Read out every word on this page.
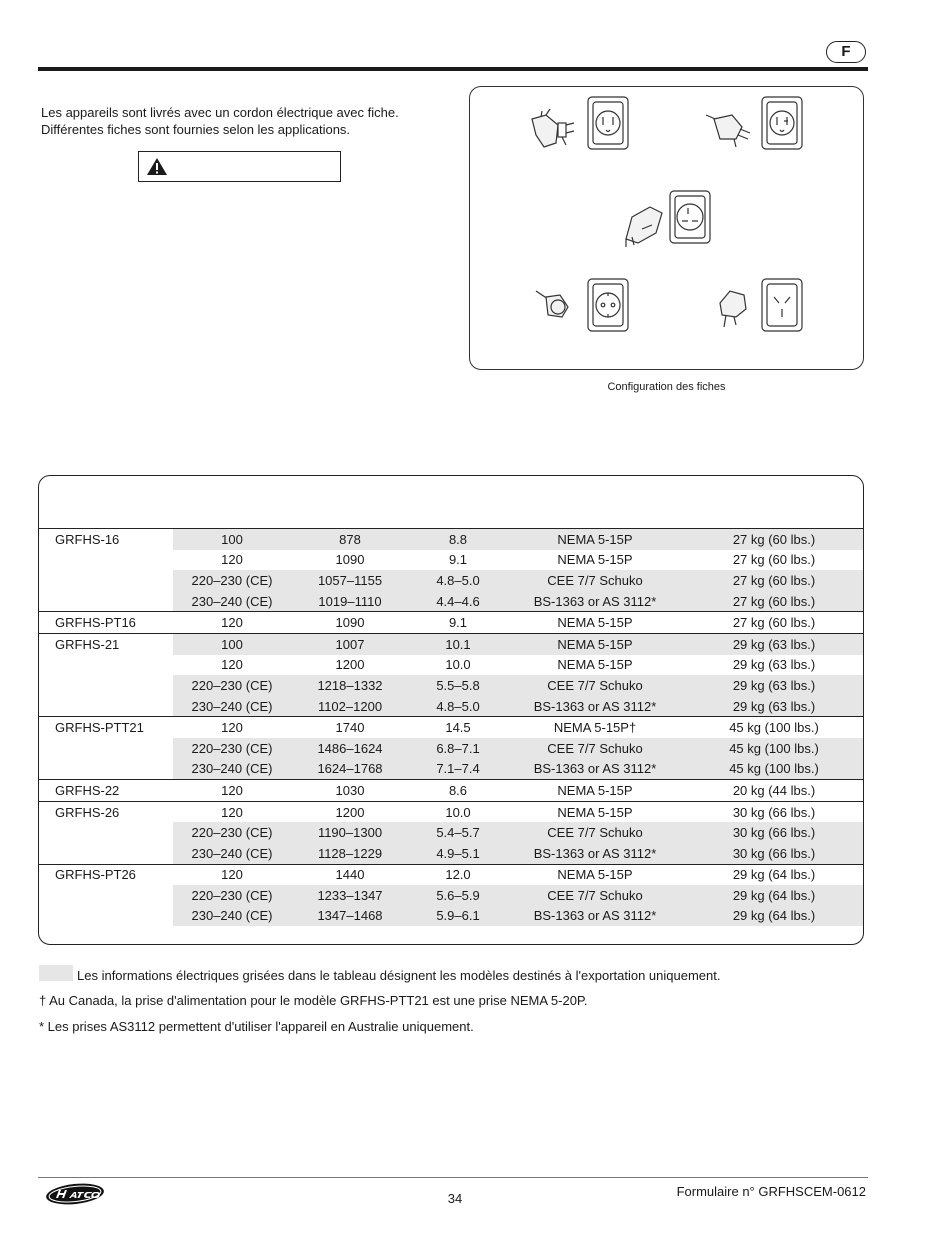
F
Les appareils sont livrés avec un cordon électrique avec fiche.
Différentes fiches sont fournies selon les applications.
Configuration des fiches
GRFHS-16	100	878	8.8	NEMA 5-15P	27 kg (60 lbs.)
	120	1090	9.1	NEMA 5-15P	27 kg (60 lbs.)
	220–230 (CE)	1057–1155	4.8–5.0	CEE 7/7 Schuko	27 kg (60 lbs.)
	230–240 (CE)	1019–1110	4.4–4.6	BS-1363 or AS 3112*	27 kg (60 lbs.)
GRFHS-PT16	120	1090	9.1	NEMA 5-15P	27 kg (60 lbs.)
GRFHS-21	100	1007	10.1	NEMA 5-15P	29 kg (63 lbs.)
	120	1200	10.0	NEMA 5-15P	29 kg (63 lbs.)
	220–230 (CE)	1218–1332	5.5–5.8	CEE 7/7 Schuko	29 kg (63 lbs.)
	230–240 (CE)	1102–1200	4.8–5.0	BS-1363 or AS 3112*	29 kg (63 lbs.)
GRFHS-PTT21	120	1740	14.5	NEMA 5-15P†	45 kg (100 lbs.)
	220–230 (CE)	1486–1624	6.8–7.1	CEE 7/7 Schuko	45 kg (100 lbs.)
	230–240 (CE)	1624–1768	7.1–7.4	BS-1363 or AS 3112*	45 kg (100 lbs.)
GRFHS-22	120	1030	8.6	NEMA 5-15P	20 kg (44 lbs.)
GRFHS-26	120	1200	10.0	NEMA 5-15P	30 kg (66 lbs.)
	220–230 (CE)	1190–1300	5.4–5.7	CEE 7/7 Schuko	30 kg (66 lbs.)
	230–240 (CE)	1128–1229	4.9–5.1	BS-1363 or AS 3112*	30 kg (66 lbs.)
GRFHS-PT26	120	1440	12.0	NEMA 5-15P	29 kg (64 lbs.)
	220–230 (CE)	1233–1347	5.6–5.9	CEE 7/7 Schuko	29 kg (64 lbs.)
	230–240 (CE)	1347–1468	5.9–6.1	BS-1363 or AS 3112*	29 kg (64 lbs.)
Les informations électriques grisées dans le tableau désignent les modèles destinés à l'exportation uniquement.
† Au Canada, la prise d'alimentation pour le modèle GRFHS-PTT21 est une prise NEMA 5-20P.
* Les prises AS3112 permettent d'utiliser l'appareil en Australie uniquement.
34	Formulaire n° GRFHSCEM-0612
